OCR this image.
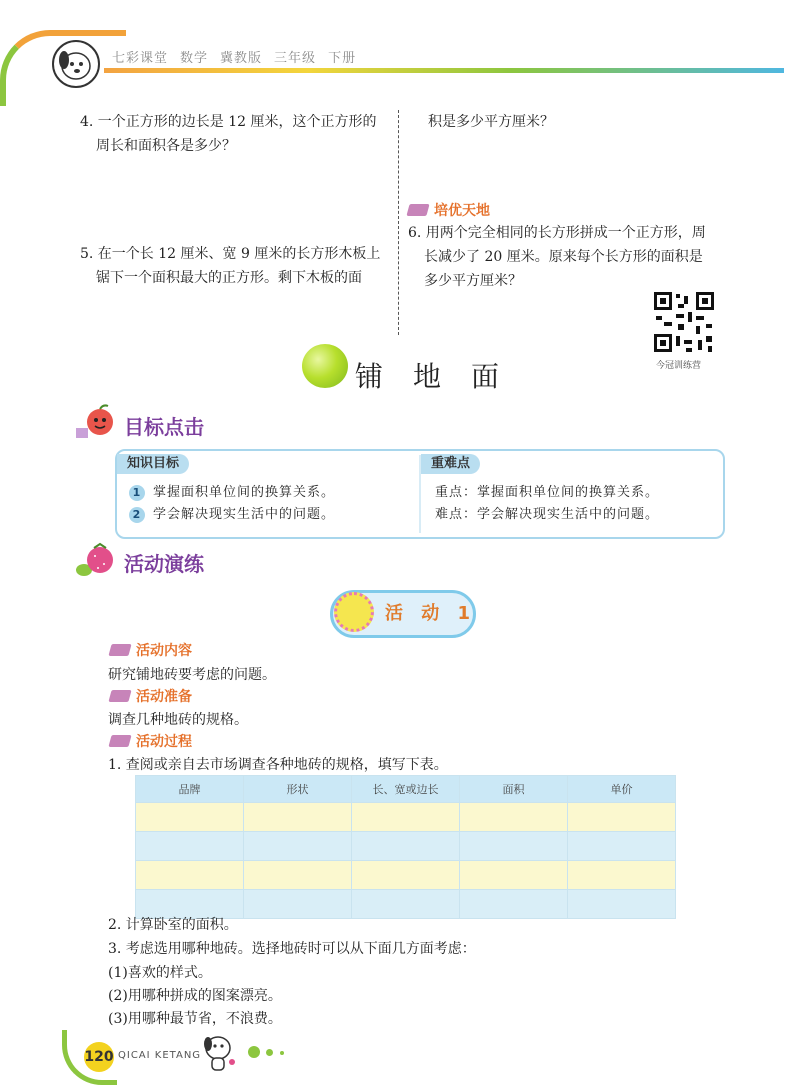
七彩课堂 数学 冀教版 三年级 下册
4. 一个正方形的边长是 12 厘米，这个正方形的
周长和面积各是多少？
积是多少平方厘米？
5. 在一个长 12 厘米、宽 9 厘米的长方形木板上
锯下一个面积最大的正方形。剩下木板的面
培优天地
6. 用两个完全相同的长方形拼成一个正方形，周
长减少了 20 厘米。原来每个长方形的面积是
多少平方厘米？
今冠训练营
铺地面
目标点击
知识目标
1 掌握面积单位间的换算关系。
2 学会解决现实生活中的问题。
重难点
重点：掌握面积单位间的换算关系。
难点：学会解决现实生活中的问题。
活动演练
活 动 1
活动内容
研究铺地砖要考虑的问题。
活动准备
调查几种地砖的规格。
活动过程
1. 查阅或亲自去市场调查各种地砖的规格，填写下表。
品牌	形状	长、宽或边长	面积	单价

2. 计算卧室的面积。
3. 考虑选用哪种地砖。选择地砖时可以从下面几方面考虑：
(1)喜欢的样式。
(2)用哪种拼成的图案漂亮。
(3)用哪种最节省，不浪费。
120 QICAI KETANG
